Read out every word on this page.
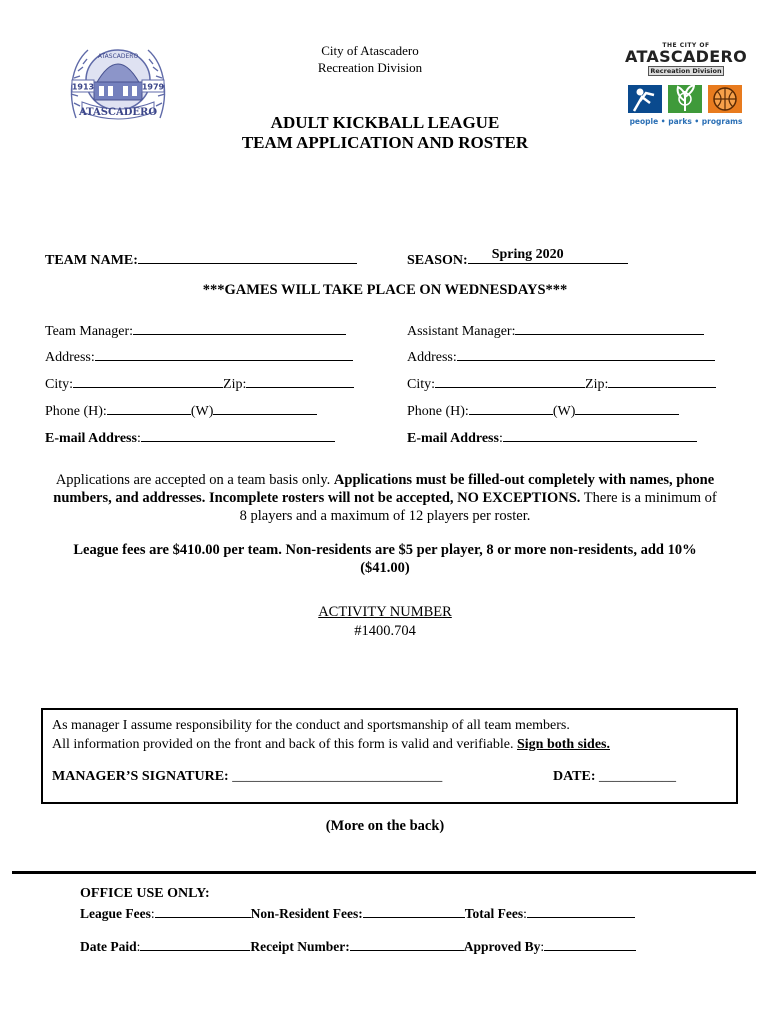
1913	1979
ATASCADERO
ATASCADERO	City of Atascadero
Recreation Division
THE CITY OF
ATASCADERO
Recreation Division
people • parks • programs
ADULT KICKBALL LEAGUE
TEAM APPLICATION AND ROSTER
TEAM NAME:	SEASON: Spring 2020
***GAMES WILL TAKE PLACE ON WEDNESDAYS***
Team Manager:
Address:
City:	Zip:
Phone (H):	(W)
E-mail Address:
Assistant Manager:
Address:
City:	Zip:
Phone (H):	(W)
E-mail Address:
Applications are accepted on a team basis only. Applications must be filled-out completely with names, phone numbers, and addresses. Incomplete rosters will not be accepted, NO EXCEPTIONS. There is a minimum of 8 players and a maximum of 12 players per roster.
League fees are $410.00 per team. Non-residents are $5 per player, 8 or more non-residents, add 10% ($41.00)
ACTIVITY NUMBER
#1400.704
As manager I assume responsibility for the conduct and sportsmanship of all team members.
All information provided on the front and back of this form is valid and verifiable. Sign both sides.
MANAGER’S SIGNATURE: ______________________________	DATE: ___________
(More on the back)
OFFICE USE ONLY:
League Fees:	Non-Resident Fees:	Total Fees:
Date Paid:	Receipt Number:	Approved By:
